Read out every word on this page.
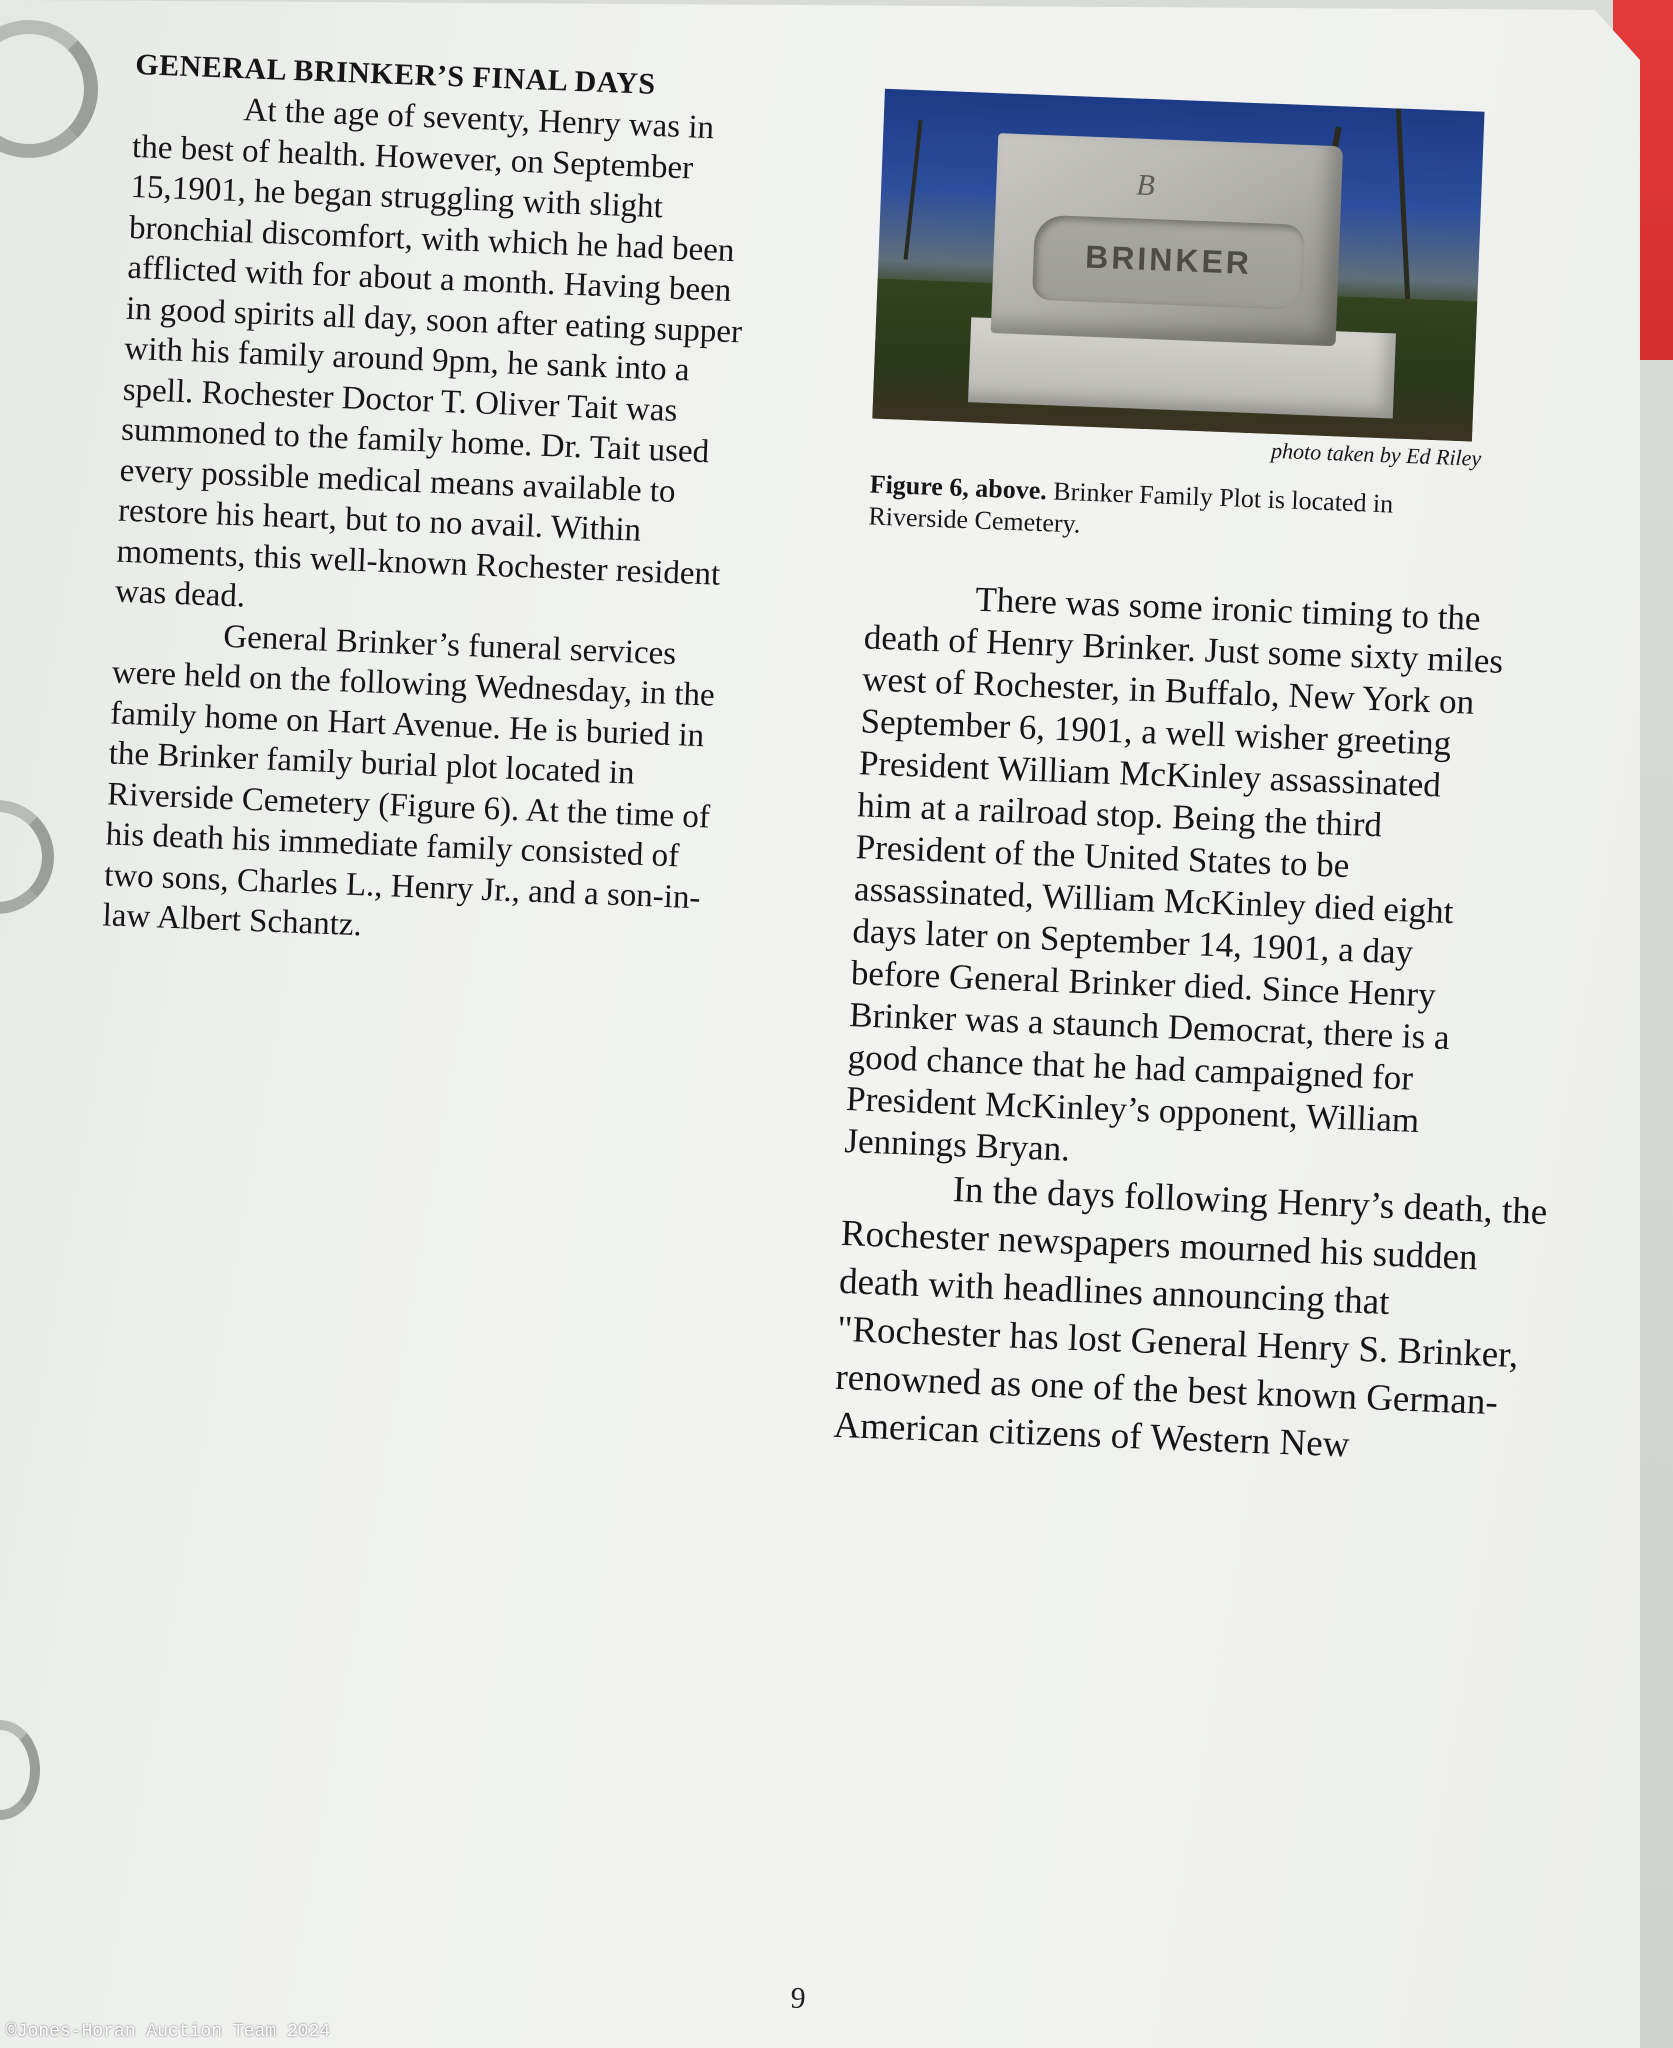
GENERAL BRINKER’S FINAL DAYS

At the age of seventy, Henry was in the best of health. However, on September 15,1901, he began struggling with slight bronchial discomfort, with which he had been afflicted with for about a month. Having been in good spirits all day, soon after eating supper with his family around 9pm, he sank into a spell. Rochester Doctor T. Oliver Tait was summoned to the family home. Dr. Tait used every possible medical means available to restore his heart, but to no avail. Within moments, this well-known Rochester resident was dead.

General Brinker’s funeral services were held on the following Wednesday, in the family home on Hart Avenue. He is buried in the Brinker family burial plot located in Riverside Cemetery (Figure 6). At the time of his death his immediate family consisted of two sons, Charles L., Henry Jr., and a son-in-law Albert Schantz.

B
BRINKER

photo taken by Ed Riley

Figure 6, above. Brinker Family Plot is located in Riverside Cemetery.

There was some ironic timing to the death of Henry Brinker. Just some sixty miles west of Rochester, in Buffalo, New York on September 6, 1901, a well wisher greeting President William McKinley assassinated him at a railroad stop. Being the third President of the United States to be assassinated, William McKinley died eight days later on September 14, 1901, a day before General Brinker died. Since Henry Brinker was a staunch Democrat, there is a good chance that he had campaigned for President McKinley’s opponent, William Jennings Bryan.

In the days following Henry’s death, the Rochester newspapers mourned his sudden death with headlines announcing that "Rochester has lost General Henry S. Brinker, renowned as one of the best known German-American citizens of Western New

9
©Jones-Horan Auction Team 2024
